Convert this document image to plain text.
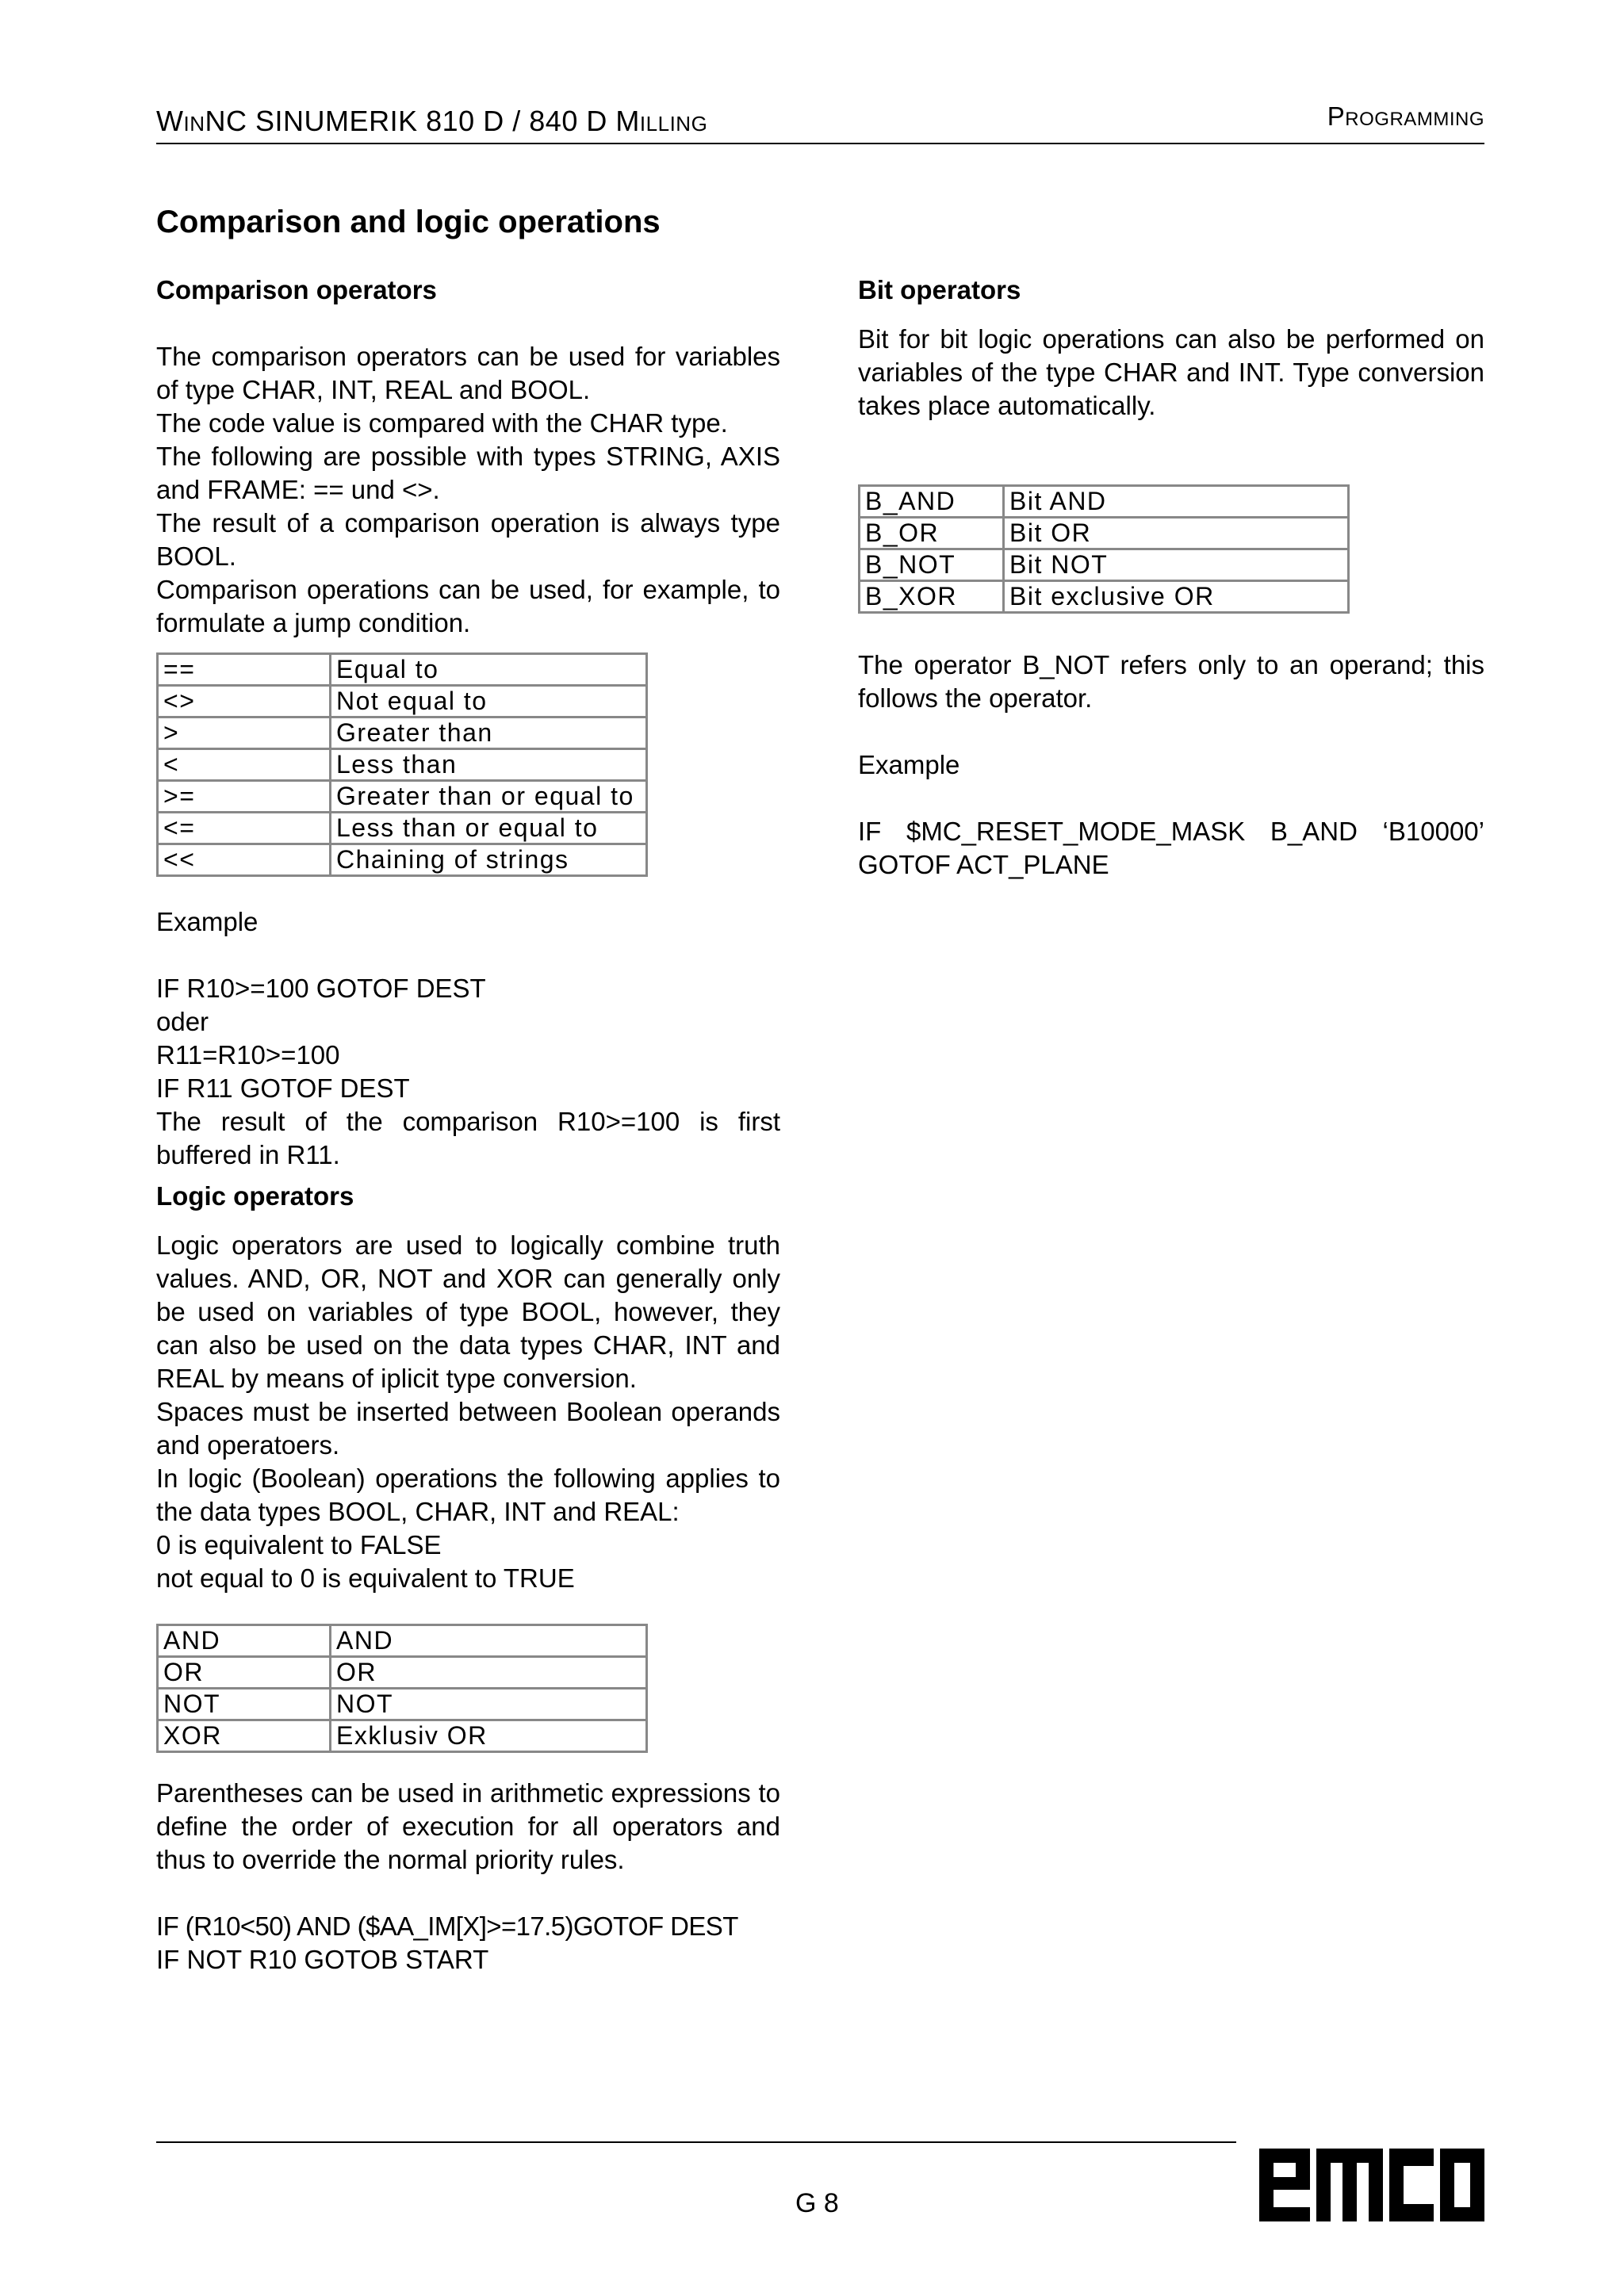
WINNC SINUMERIK 810 D / 840 D MILLING	PROGRAMMING
Comparison and logic operations
Comparison operators

The comparison operators can be used for variables of type CHAR, INT, REAL and BOOL.

The code value is compared with the CHAR type.

The following are possible with types STRING, AXIS and FRAME: == und <>.

The result of a comparison operation is always type BOOL.

Comparison operations can be used, for example, to formulate a jump condition.

==	Equal to
<>	Not equal to
>	Greater than
<	Less than
>=	Greater than or equal to
<=	Less than or equal to
<<	Chaining of strings

Example

IF R10>=100 GOTOF DEST

oder

R11=R10>=100

IF R11 GOTOF DEST

The result of the comparison R10>=100 is first buffered in R11.

Logic operators

Logic operators are used to logically combine truth values. AND, OR, NOT and XOR can generally only be used on variables of type BOOL, however, they can also be used on the data types CHAR, INT and REAL by means of iplicit type conversion.

Spaces must be inserted between Boolean operands and operatoers.

In logic (Boolean) operations the following applies to the data types BOOL, CHAR, INT and REAL:

0 is equivalent to FALSE

not equal to 0 is equivalent to TRUE

AND	AND
OR	OR
NOT	NOT
XOR	Exklusiv OR

Parentheses can be used in arithmetic expressions to define the order of execution for all operators and thus to override the normal priority rules.

IF (R10<50) AND ($AA_IM[X]>=17.5)GOTOF DEST

IF NOT R10 GOTOB START

Bit operators

Bit for bit logic operations can also be performed on variables of the type CHAR and INT. Type conversion takes place automatically.

B_AND	Bit AND
B_OR	Bit OR
B_NOT	Bit NOT
B_XOR	Bit exclusive OR

The operator B_NOT refers only to an operand; this follows the operator.

Example

IF $MC_RESET_MODE_MASK B_AND ‘B10000’ GOTOF ACT_PLANE

G 8
